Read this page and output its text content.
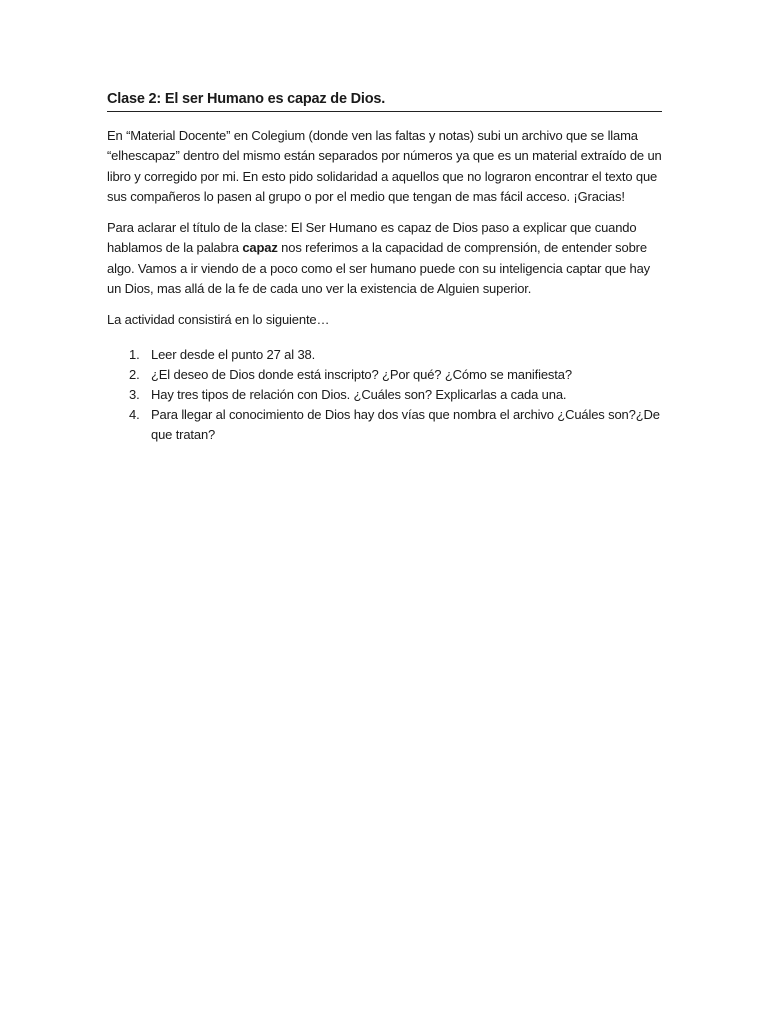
Clase 2: El ser Humano es capaz de Dios.

En “Material Docente” en Colegium (donde ven las faltas y notas) subi un archivo que se llama “elhescapaz” dentro del mismo están separados por números ya que es un material extraído de un libro y corregido por mi. En esto pido solidaridad a aquellos que no lograron encontrar el texto que sus compañeros lo pasen al grupo o por el medio que tengan de mas fácil acceso. ¡Gracias!

Para aclarar el título de la clase: El Ser Humano es capaz de Dios paso a explicar que cuando hablamos de la palabra capaz nos referimos a la capacidad de comprensión, de entender sobre algo. Vamos a ir viendo de a poco como el ser humano puede con su inteligencia captar que hay un Dios, mas allá de la fe de cada uno ver la existencia de Alguien superior.

La actividad consistirá en lo siguiente…

1. Leer desde el punto 27 al 38.
2. ¿El deseo de Dios donde está inscripto? ¿Por qué? ¿Cómo se manifiesta?
3. Hay tres tipos de relación con Dios. ¿Cuáles son? Explicarlas a cada una.
4. Para llegar al conocimiento de Dios hay dos vías que nombra el archivo ¿Cuáles son?¿De que tratan?
